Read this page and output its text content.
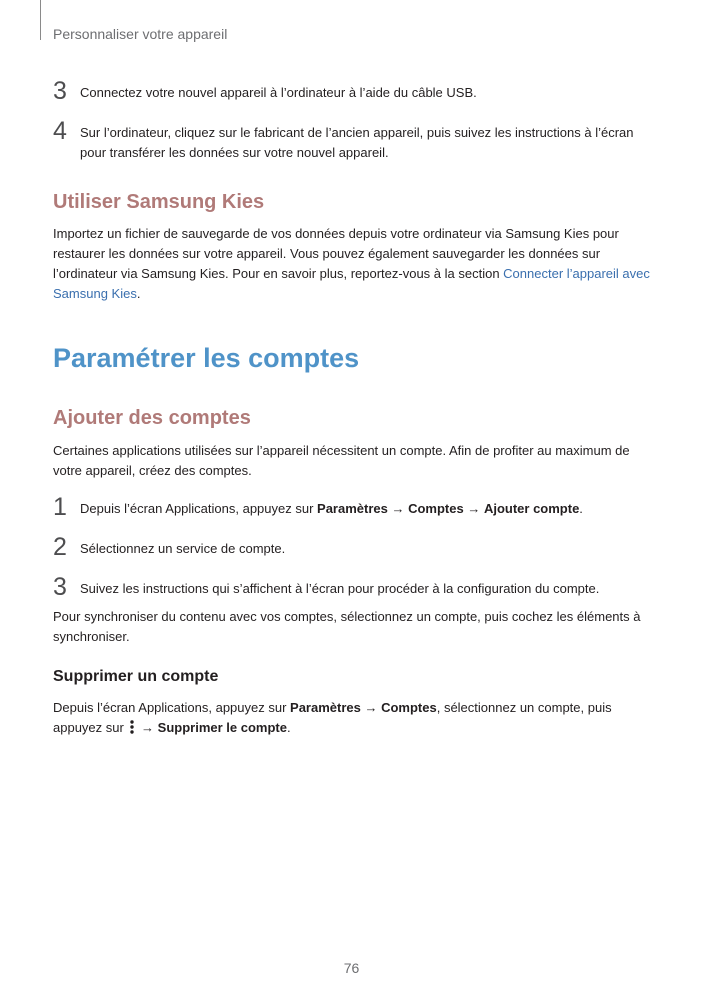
Personnaliser votre appareil
3 Connectez votre nouvel appareil à l’ordinateur à l’aide du câble USB.
4 Sur l’ordinateur, cliquez sur le fabricant de l’ancien appareil, puis suivez les instructions à l’écran pour transférer les données sur votre nouvel appareil.
Utiliser Samsung Kies
Importez un fichier de sauvegarde de vos données depuis votre ordinateur via Samsung Kies pour restaurer les données sur votre appareil. Vous pouvez également sauvegarder les données sur l’ordinateur via Samsung Kies. Pour en savoir plus, reportez-vous à la section Connecter l’appareil avec Samsung Kies.
Paramétrer les comptes
Ajouter des comptes
Certaines applications utilisées sur l’appareil nécessitent un compte. Afin de profiter au maximum de votre appareil, créez des comptes.
1 Depuis l’écran Applications, appuyez sur Paramètres → Comptes → Ajouter compte.
2 Sélectionnez un service de compte.
3 Suivez les instructions qui s’affichent à l’écran pour procéder à la configuration du compte.
Pour synchroniser du contenu avec vos comptes, sélectionnez un compte, puis cochez les éléments à synchroniser.
Supprimer un compte
Depuis l’écran Applications, appuyez sur Paramètres → Comptes, sélectionnez un compte, puis appuyez sur  → Supprimer le compte.
76
